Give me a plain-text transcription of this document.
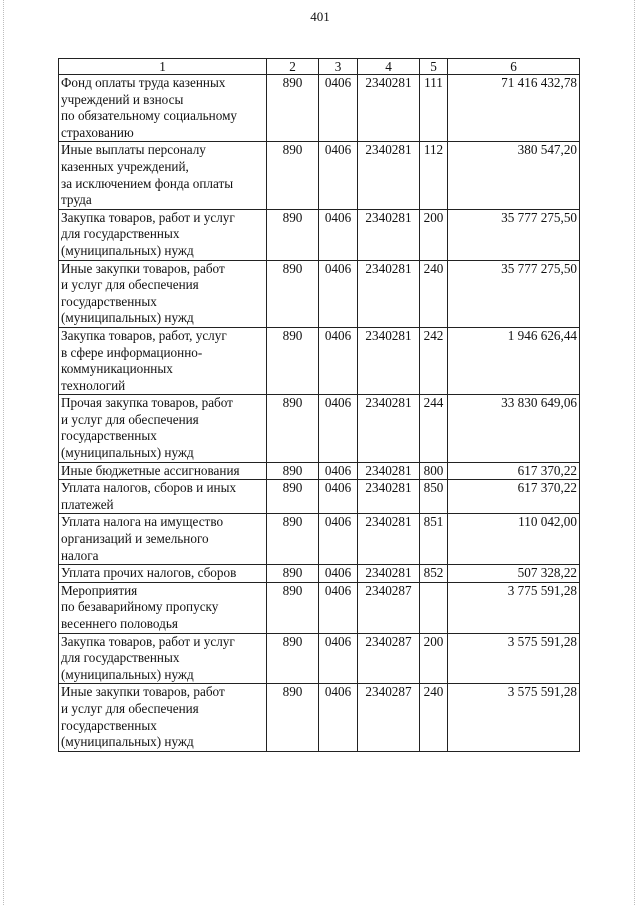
401
1	2	3	4	5	6

Фонд оплаты труда казенных
учреждений и взносы
по обязательному социальному
страхованию	890	0406	2340281	111	71 416 432,78

Иные выплаты персоналу
казенных учреждений,
за исключением фонда оплаты
труда	890	0406	2340281	112	380 547,20

Закупка товаров, работ и услуг
для государственных
(муниципальных) нужд	890	0406	2340281	200	35 777 275,50

Иные закупки товаров, работ
и услуг для обеспечения
государственных
(муниципальных) нужд	890	0406	2340281	240	35 777 275,50

Закупка товаров, работ, услуг
в сфере информационно-
коммуникационных
технологий	890	0406	2340281	242	1 946 626,44

Прочая закупка товаров, работ
и услуг для обеспечения
государственных
(муниципальных) нужд	890	0406	2340281	244	33 830 649,06

Иные бюджетные ассигнования	890	0406	2340281	800	617 370,22

Уплата налогов, сборов и иных
платежей	890	0406	2340281	850	617 370,22

Уплата налога на имущество
организаций и земельного
налога	890	0406	2340281	851	110 042,00

Уплата прочих налогов, сборов	890	0406	2340281	852	507 328,22

Мероприятия
по безаварийному пропуску
весеннего половодья	890	0406	2340287		3 775 591,28

Закупка товаров, работ и услуг
для государственных
(муниципальных) нужд	890	0406	2340287	200	3 575 591,28

Иные закупки товаров, работ
и услуг для обеспечения
государственных
(муниципальных) нужд	890	0406	2340287	240	3 575 591,28
